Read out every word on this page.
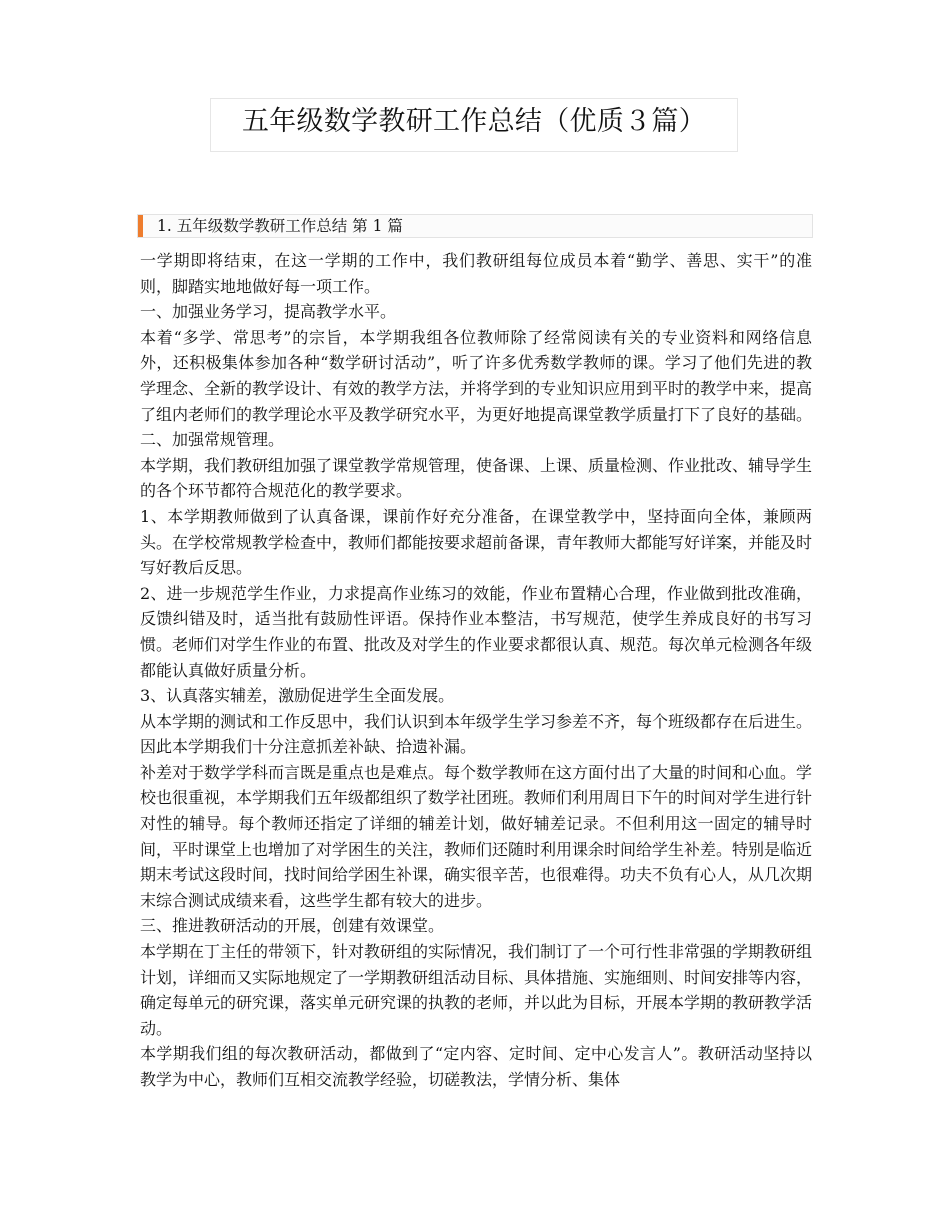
五年级数学教研工作总结（优质３篇）
1. 五年级数学教研工作总结 第 1 篇

一学期即将结束，在这一学期的工作中，我们教研组每位成员本着“勤学、善思、实干”的准则，脚踏实地地做好每一项工作。

一、加强业务学习，提高教学水平。

本着“多学、常思考”的宗旨，本学期我组各位教师除了经常阅读有关的专业资料和网络信息外，还积极集体参加各种“数学研讨活动”，听了许多优秀数学教师的课。学习了他们先进的教学理念、全新的教学设计、有效的教学方法，并将学到的专业知识应用到平时的教学中来，提高了组内老师们的教学理论水平及教学研究水平，为更好地提高课堂教学质量打下了良好的基础。

二、加强常规管理。

本学期，我们教研组加强了课堂教学常规管理，使备课、上课、质量检测、作业批改、辅导学生的各个环节都符合规范化的教学要求。

1、本学期教师做到了认真备课，课前作好充分准备，在课堂教学中，坚持面向全体，兼顾两头。在学校常规教学检查中，教师们都能按要求超前备课，青年教师大都能写好详案，并能及时写好教后反思。

2、进一步规范学生作业，力求提高作业练习的效能，作业布置精心合理，作业做到批改准确，反馈纠错及时，适当批有鼓励性评语。保持作业本整洁，书写规范，使学生养成良好的书写习惯。老师们对学生作业的布置、批改及对学生的作业要求都很认真、规范。每次单元检测各年级都能认真做好质量分析。

3、认真落实辅差，激励促进学生全面发展。

从本学期的测试和工作反思中，我们认识到本年级学生学习参差不齐，每个班级都存在后进生。因此本学期我们十分注意抓差补缺、拾遗补漏。

补差对于数学学科而言既是重点也是难点。每个数学教师在这方面付出了大量的时间和心血。学校也很重视，本学期我们五年级都组织了数学社团班。教师们利用周日下午的时间对学生进行针对性的辅导。每个教师还指定了详细的辅差计划，做好辅差记录。不但利用这一固定的辅导时间，平时课堂上也增加了对学困生的关注，教师们还随时利用课余时间给学生补差。特别是临近期末考试这段时间，找时间给学困生补课，确实很辛苦，也很难得。功夫不负有心人，从几次期末综合测试成绩来看，这些学生都有较大的进步。

三、推进教研活动的开展，创建有效课堂。

本学期在丁主任的带领下，针对教研组的实际情况，我们制订了一个可行性非常强的学期教研组计划，详细而又实际地规定了一学期教研组活动目标、具体措施、实施细则、时间安排等内容，确定每单元的研究课，落实单元研究课的执教的老师，并以此为目标，开展本学期的教研教学活动。

本学期我们组的每次教研活动，都做到了“定内容、定时间、定中心发言人”。教研活动坚持以教学为中心，教师们互相交流教学经验，切磋教法，学情分析、集体
